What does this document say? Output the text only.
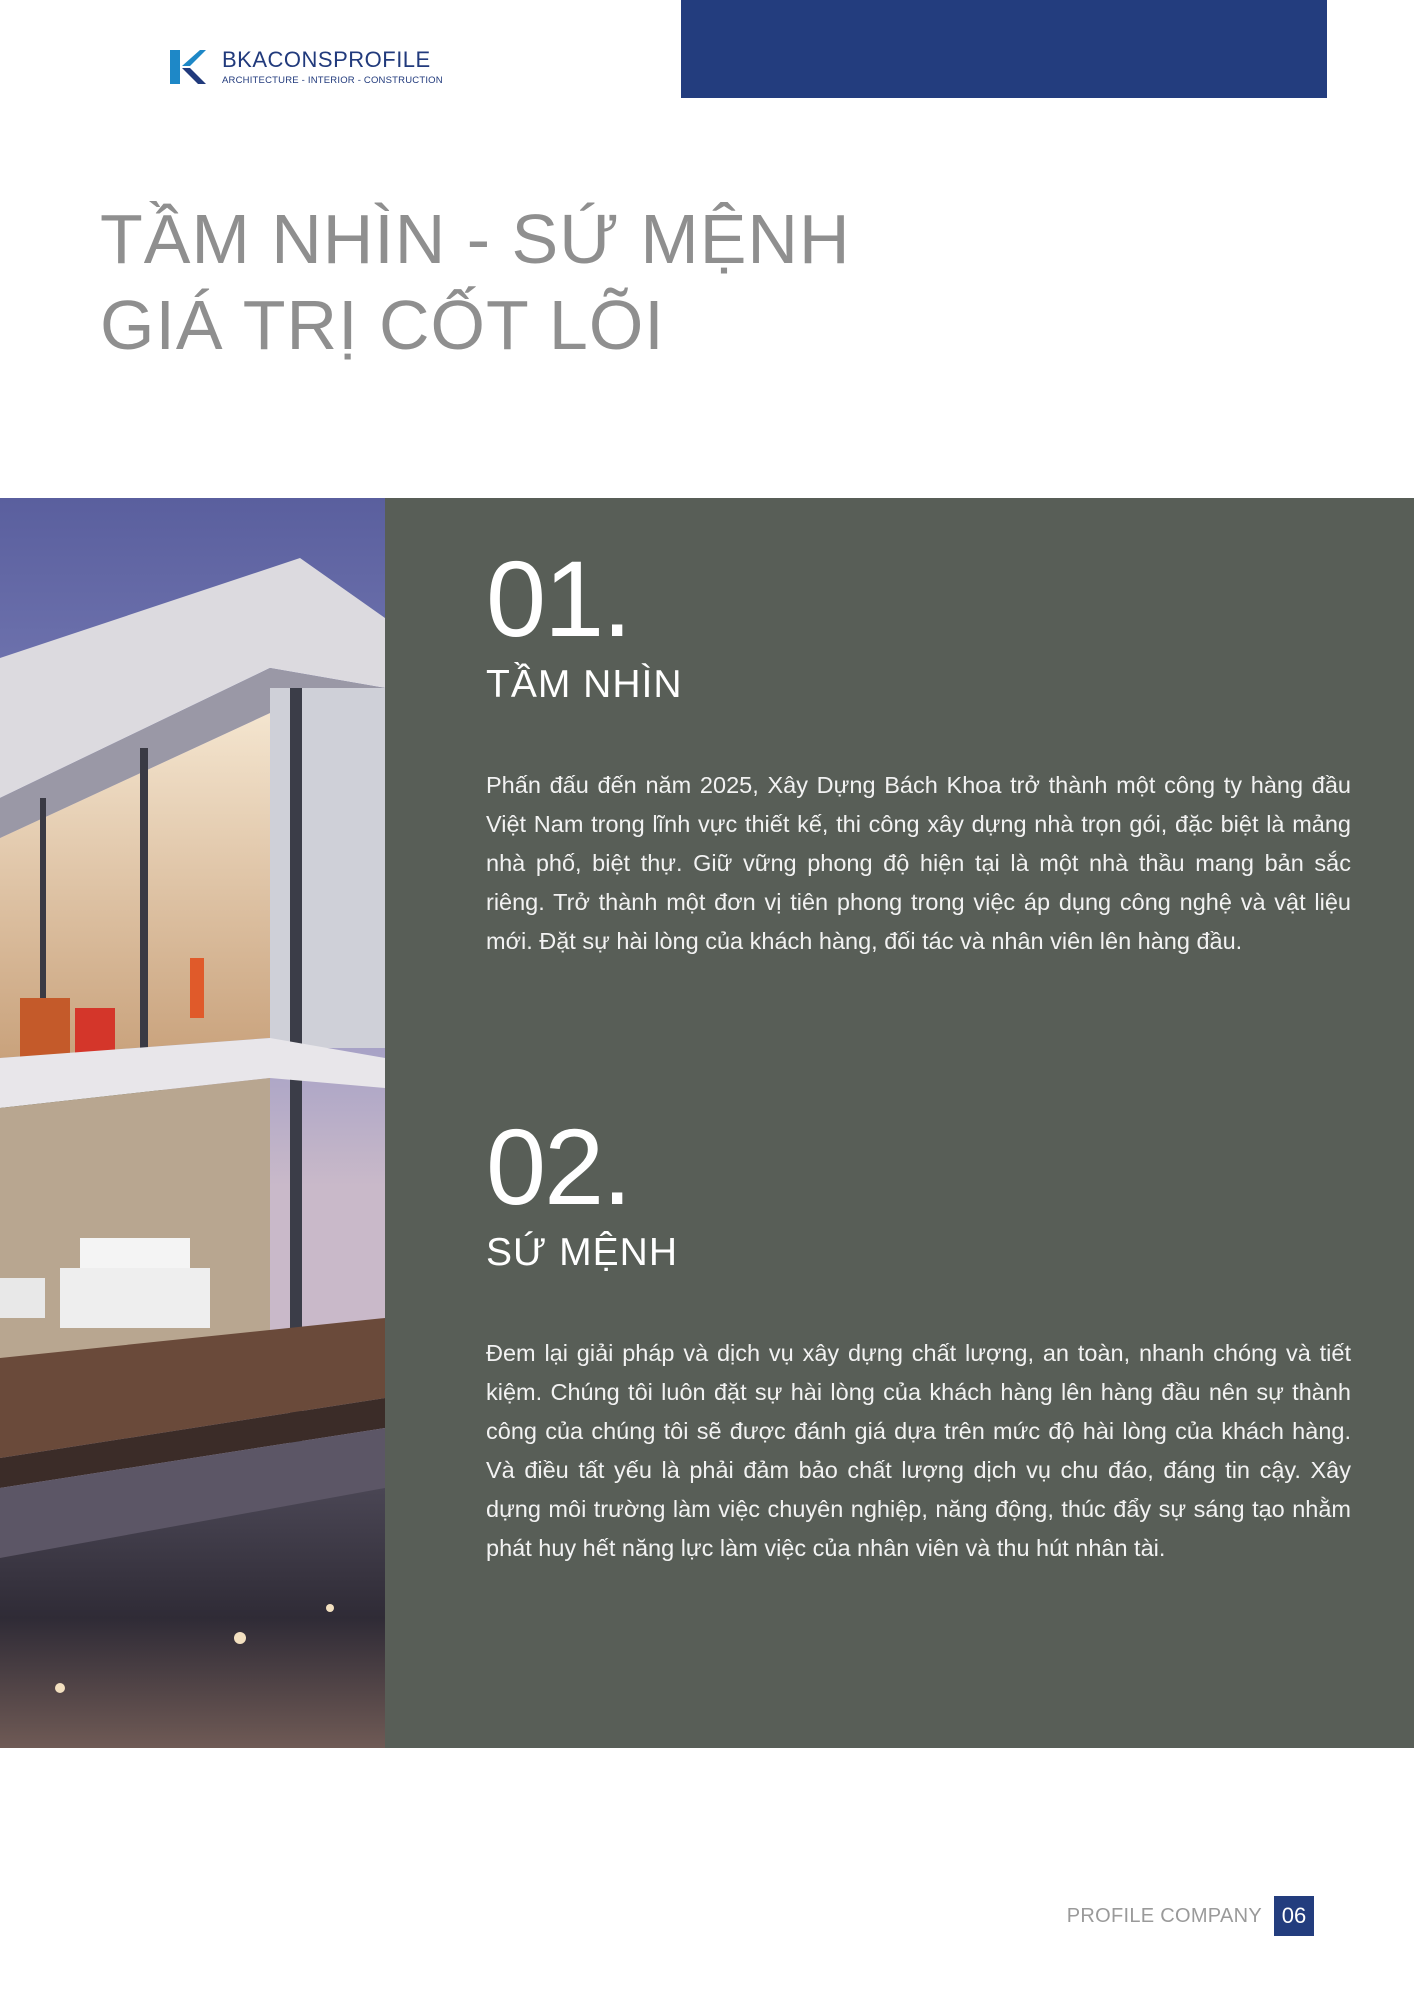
BKACONSPROFILE
ARCHITECTURE - INTERIOR - CONSTRUCTION
TẦM NHÌN - SỨ MỆNH
GIÁ TRỊ CỐT LÕI
01.
TẦM NHÌN
Phấn đấu đến năm 2025, Xây Dựng Bách Khoa trở thành một công ty hàng đầu Việt Nam trong lĩnh vực thiết kế, thi công xây dựng nhà trọn gói, đặc biệt là mảng nhà phố, biệt thự. Giữ vững phong độ hiện tại là một nhà thầu mang bản sắc riêng. Trở thành một đơn vị tiên phong trong việc áp dụng công nghệ và vật liệu mới. Đặt sự hài lòng của khách hàng, đối tác và nhân viên lên hàng đầu.
02.
SỨ MỆNH
Đem lại giải pháp và dịch vụ xây dựng chất lượng, an toàn, nhanh chóng và tiết kiệm. Chúng tôi luôn đặt sự hài lòng của khách hàng lên hàng đầu nên sự thành công của chúng tôi sẽ được đánh giá dựa trên mức độ hài lòng của khách hàng. Và điều tất yếu là phải đảm bảo chất lượng dịch vụ chu đáo, đáng tin cậy. Xây dựng môi trường làm việc chuyên nghiệp, năng động, thúc đẩy sự sáng tạo nhằm phát huy hết năng lực làm việc của nhân viên và thu hút nhân tài.
PROFILE COMPANY 06
